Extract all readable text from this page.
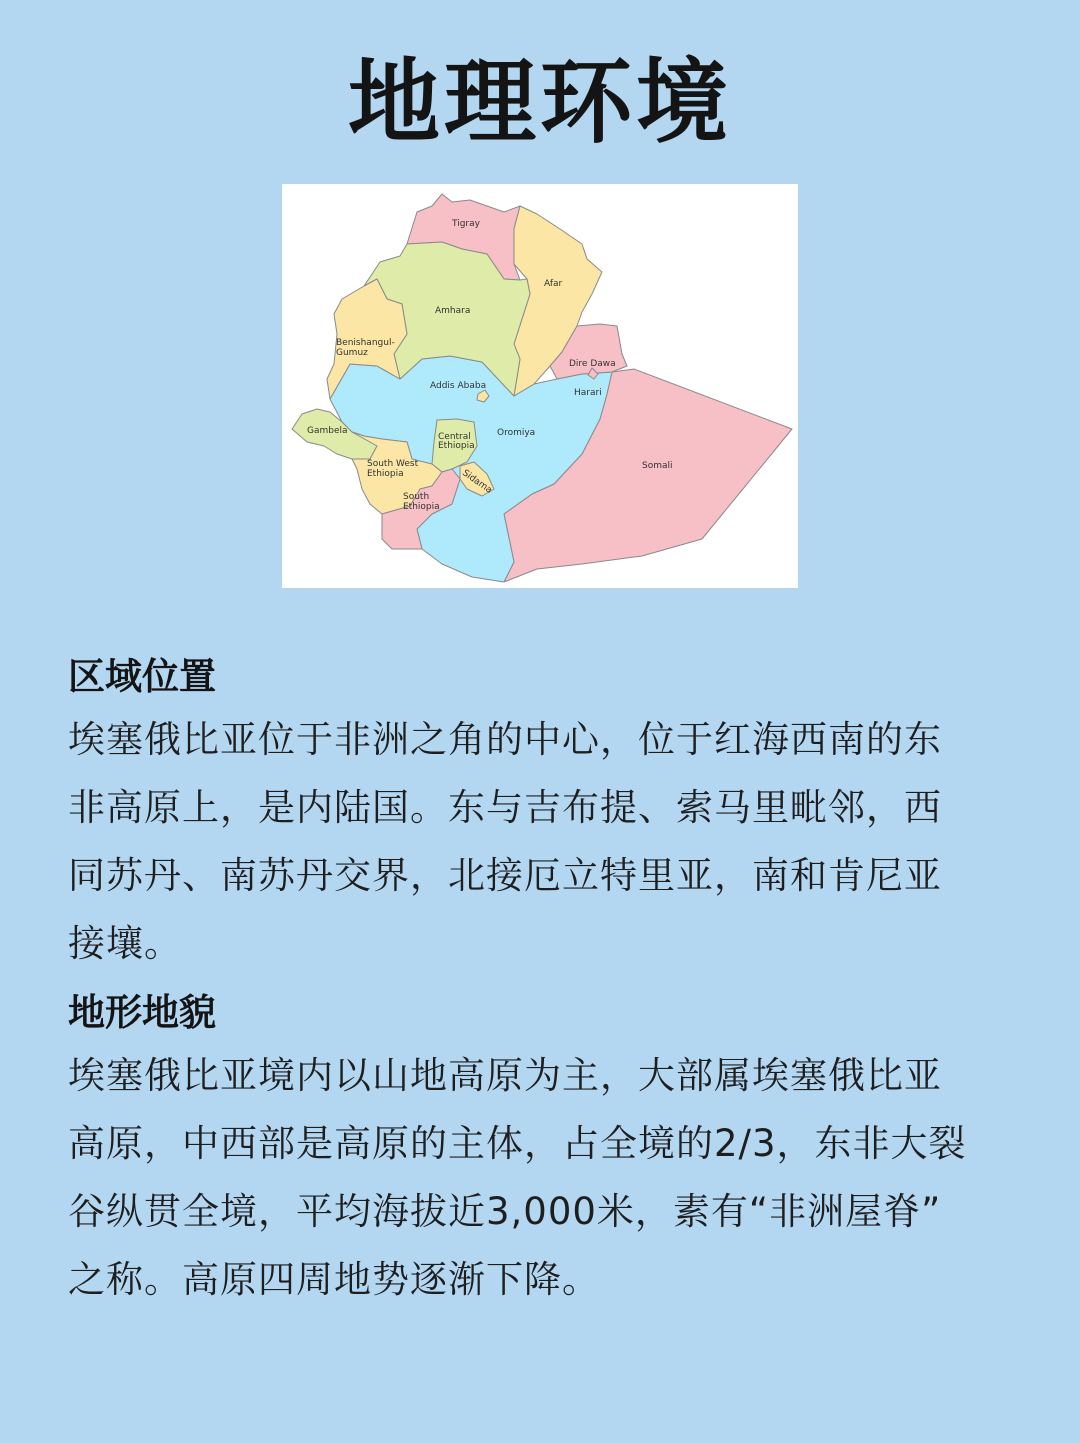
地理环境
Tigray
Afar
Amhara
Benishangul-
Gumuz
Dire Dawa
Harari
Addis Ababa
Oromiya
Somali
Gambela
Central
Ethiopia
Sidama
South West
Ethiopia
South
Ethiopia
区域位置

埃塞俄比亚位于非洲之角的中心，位于红海西南的东

非高原上，是内陆国。东与吉布提、索马里毗邻，西

同苏丹、南苏丹交界，北接厄立特里亚，南和肯尼亚

接壤。

地形地貌

埃塞俄比亚境内以山地高原为主，大部属埃塞俄比亚

高原，中西部是高原的主体，占全境的2/3，东非大裂

谷纵贯全境，平均海拔近3,000米，素有“非洲屋脊”

之称。高原四周地势逐渐下降。
